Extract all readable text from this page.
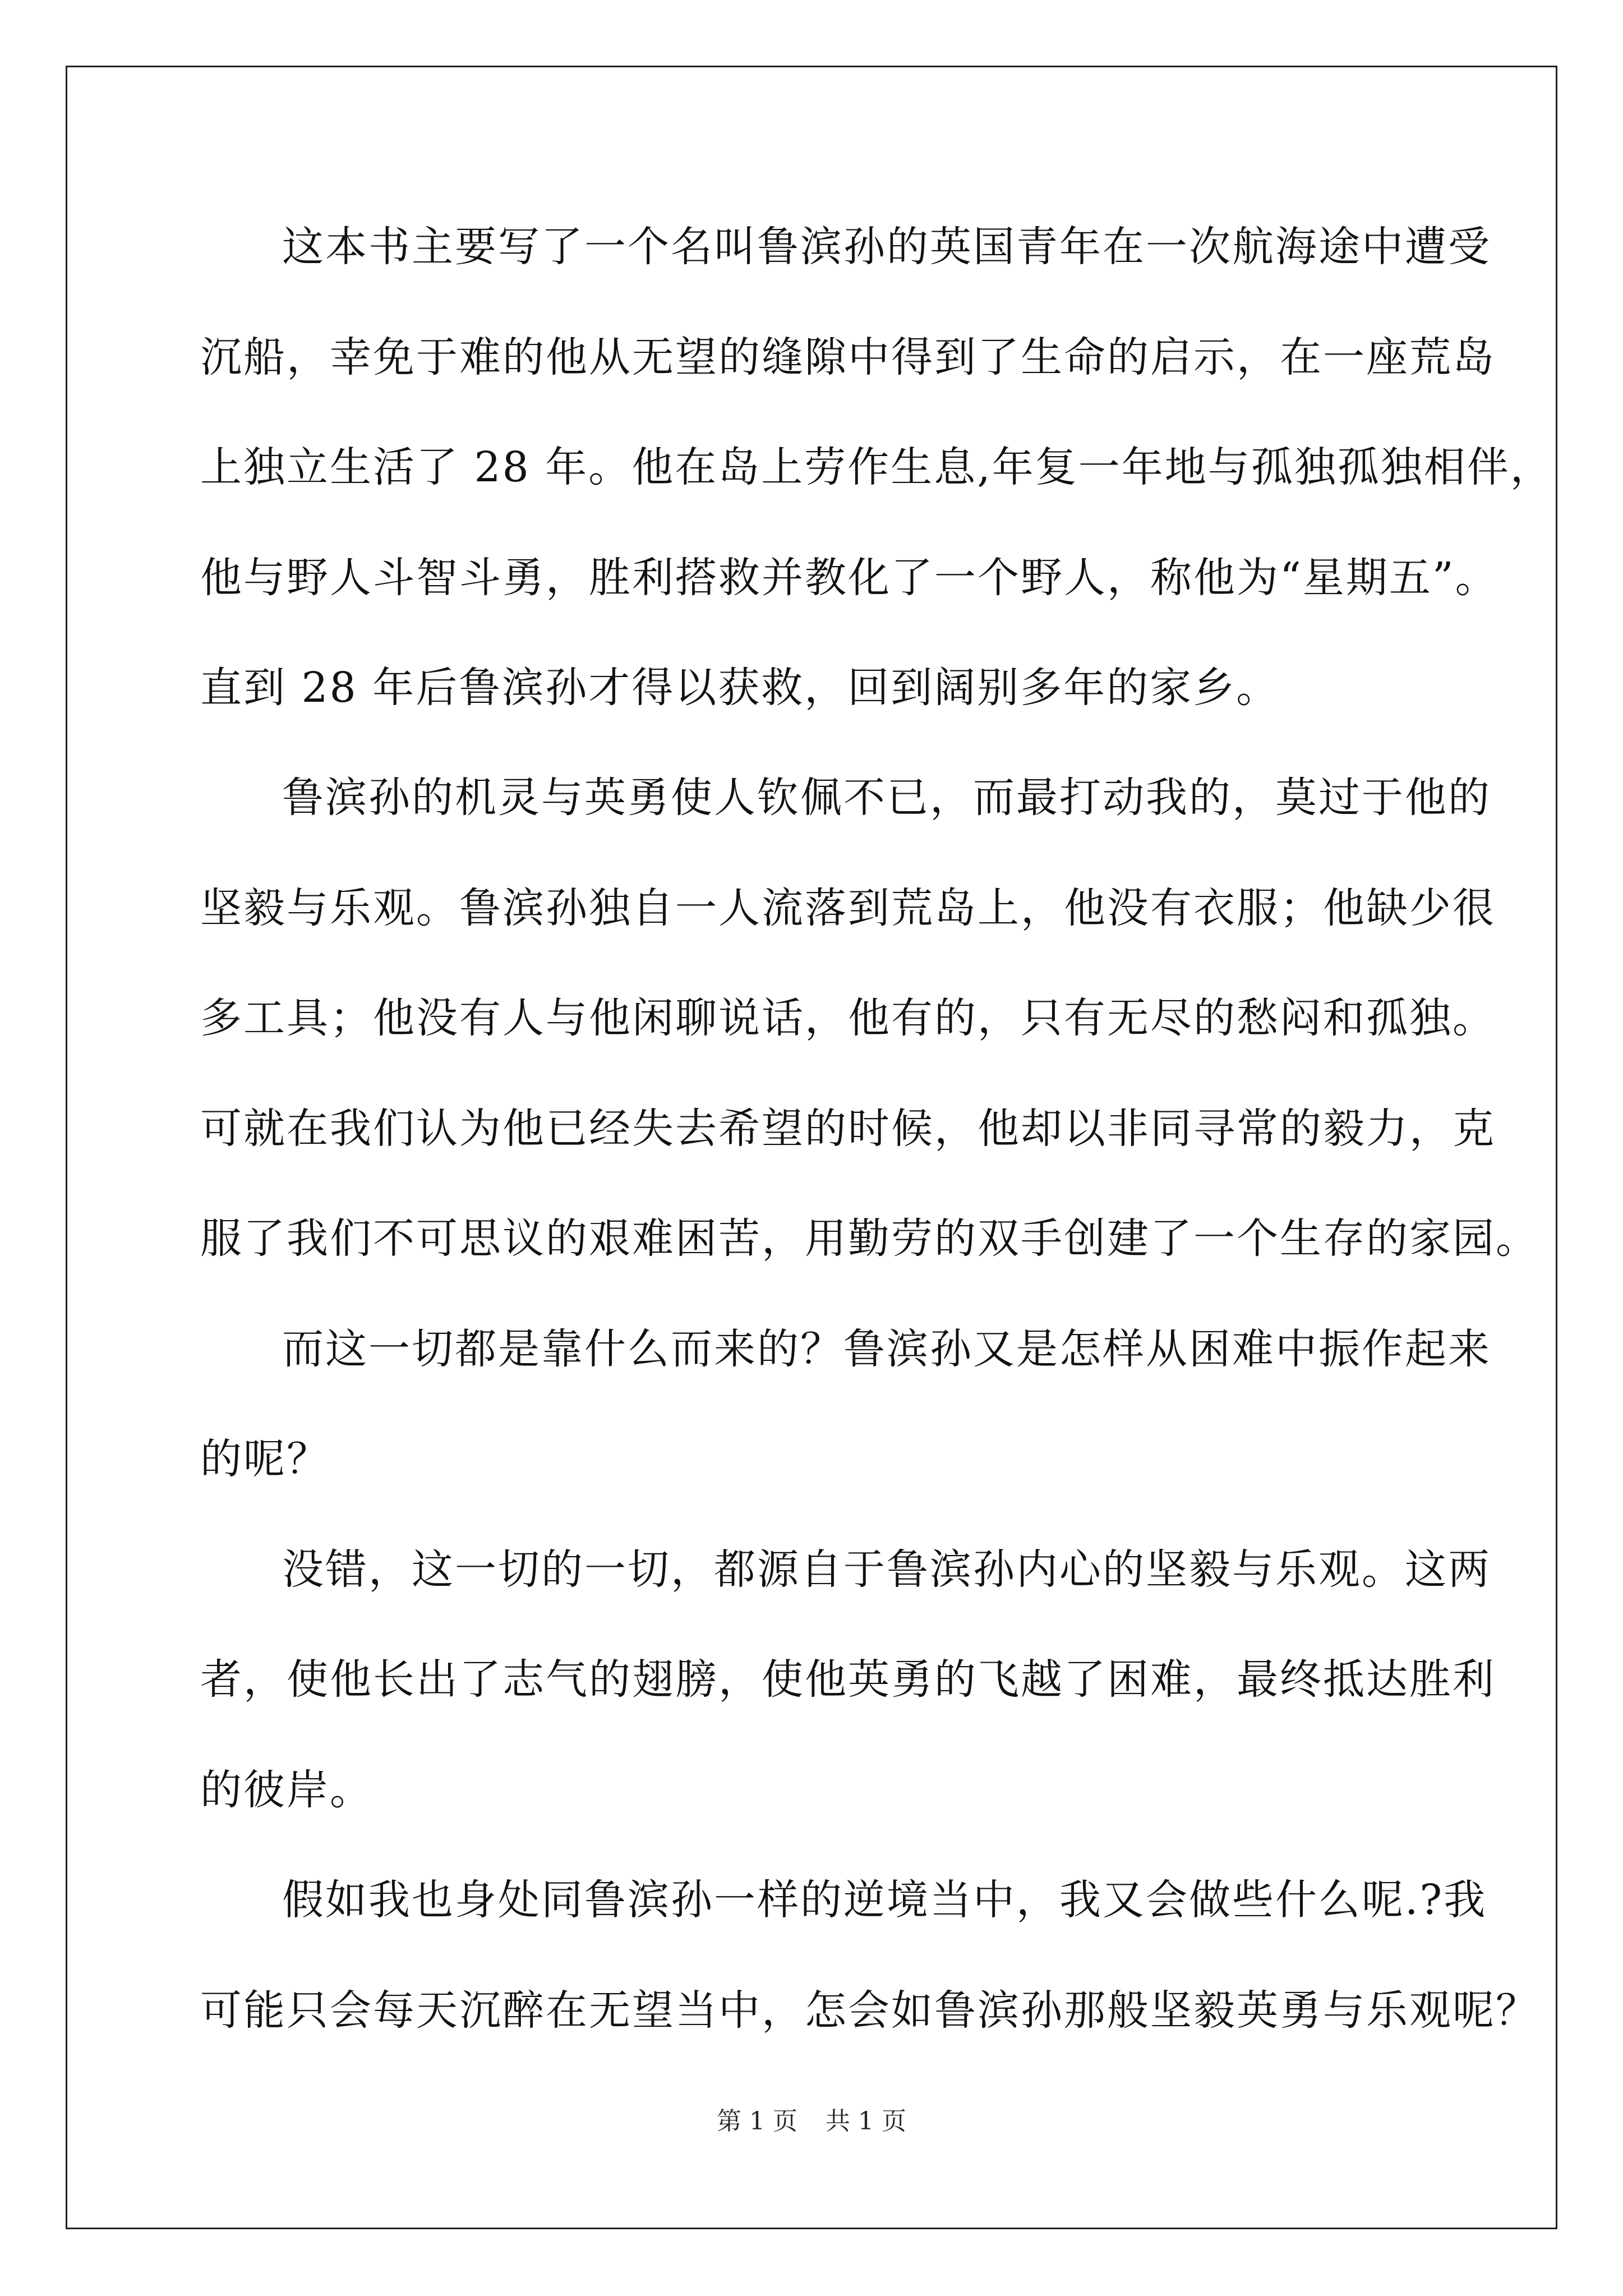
这本书主要写了一个名叫鲁滨孙的英国青年在一次航海途中遭受
沉船，幸免于难的他从无望的缝隙中得到了生命的启示，在一座荒岛
上独立生活了 28 年。他在岛上劳作生息,年复一年地与孤独孤独相伴，
他与野人斗智斗勇，胜利搭救并教化了一个野人，称他为“星期五”。
直到 28 年后鲁滨孙才得以获救，回到阔别多年的家乡。
鲁滨孙的机灵与英勇使人钦佩不已，而最打动我的，莫过于他的
坚毅与乐观。鲁滨孙独自一人流落到荒岛上，他没有衣服；他缺少很
多工具；他没有人与他闲聊说话，他有的，只有无尽的愁闷和孤独。
可就在我们认为他已经失去希望的时候，他却以非同寻常的毅力，克
服了我们不可思议的艰难困苦，用勤劳的双手创建了一个生存的家园。
而这一切都是靠什么而来的？鲁滨孙又是怎样从困难中振作起来
的呢？
没错，这一切的一切，都源自于鲁滨孙内心的坚毅与乐观。这两
者，使他长出了志气的翅膀，使他英勇的飞越了困难，最终抵达胜利
的彼岸。
假如我也身处同鲁滨孙一样的逆境当中，我又会做些什么呢.?我
可能只会每天沉醉在无望当中，怎会如鲁滨孙那般坚毅英勇与乐观呢？
第 1 页 共 1 页
